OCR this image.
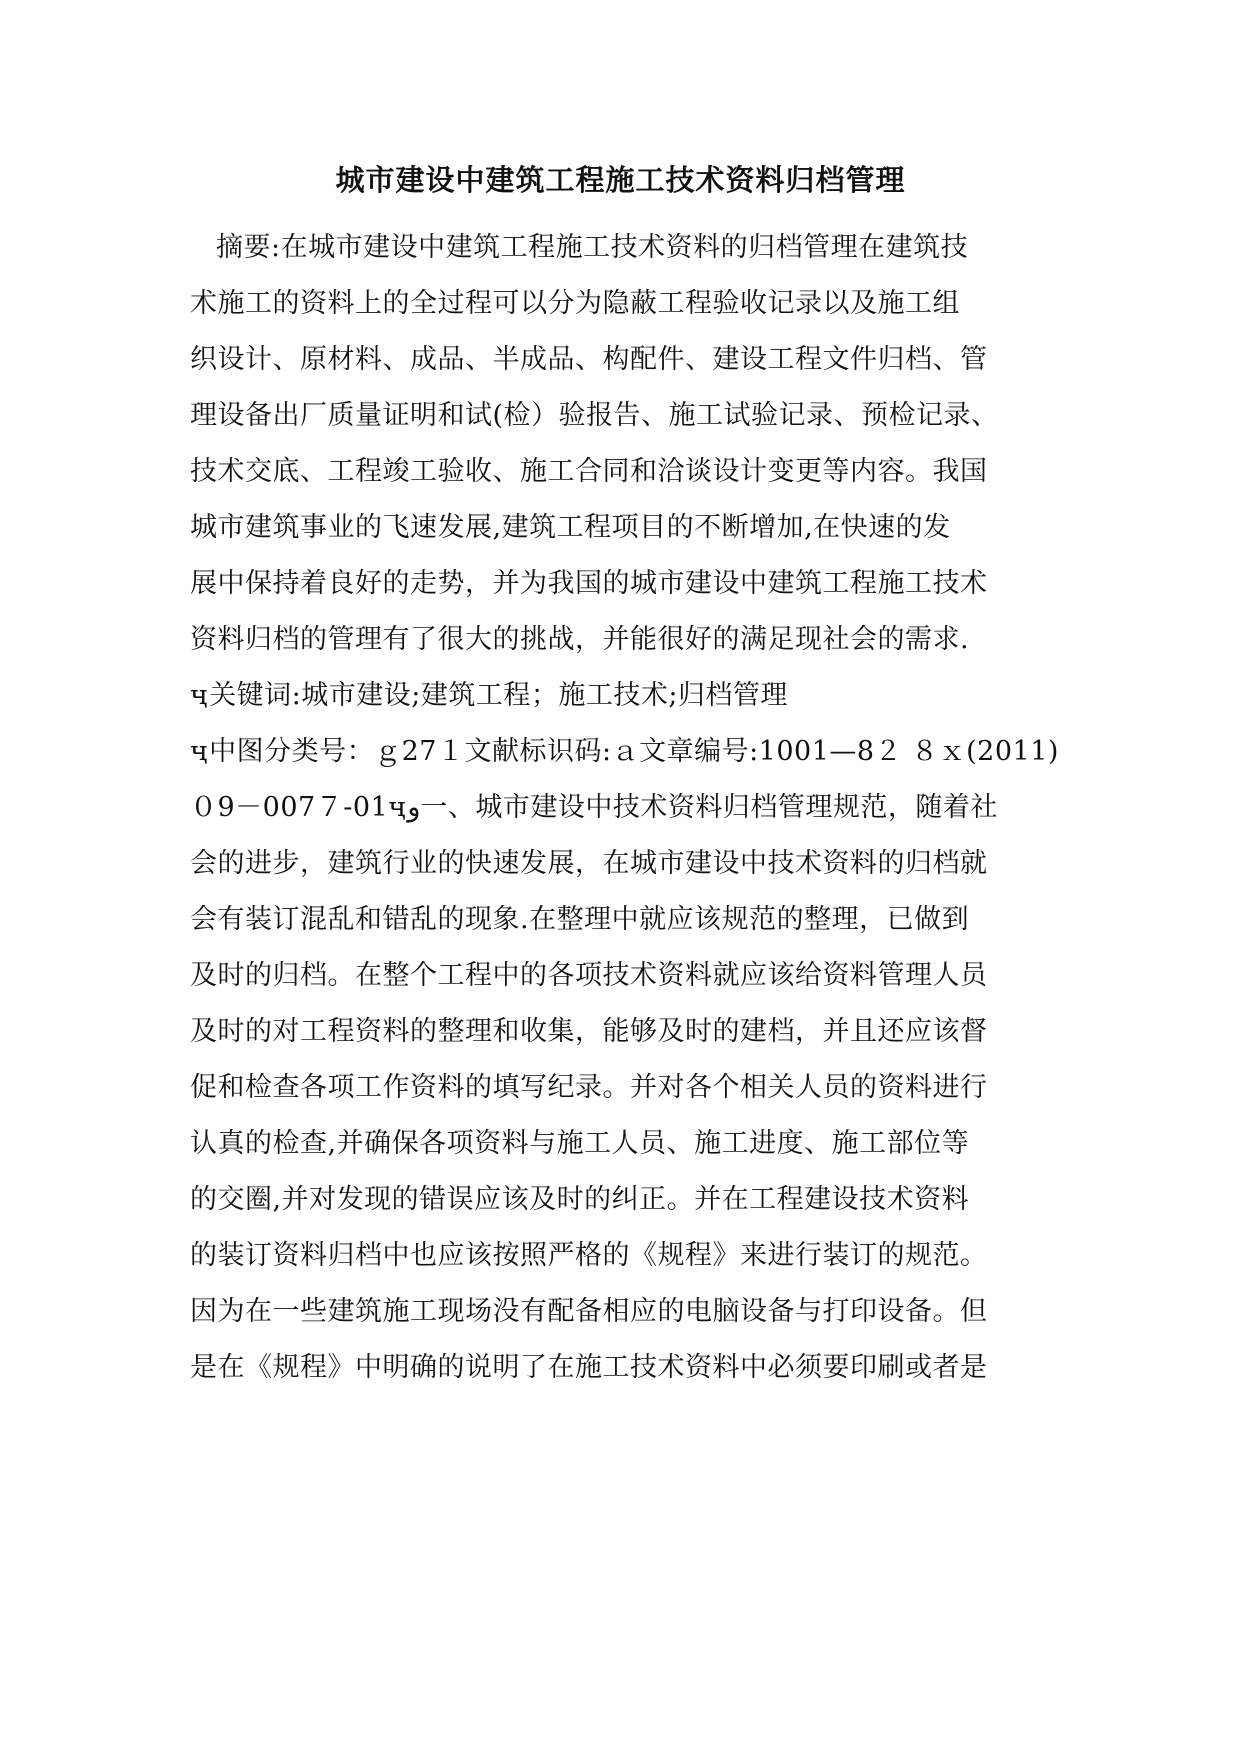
城市建设中建筑工程施工技术资料归档管理
摘要:在城市建设中建筑工程施工技术资料的归档管理在建筑技
术施工的资料上的全过程可以分为隐蔽工程验收记录以及施工组
织设计、原材料、成品、半成品、构配件、建设工程文件归档、管
理设备出厂质量证明和试(检）验报告、施工试验记录、预检记录、
技术交底、工程竣工验收、施工合同和洽谈设计变更等内容。我国
城市建筑事业的飞速发展,建筑工程项目的不断增加,在快速的发
展中保持着良好的走势，并为我国的城市建设中建筑工程施工技术
资料归档的管理有了很大的挑战，并能很好的满足现社会的需求.
ҷ关键词:城市建设;建筑工程；施工技术;归档管理
ҷ中图分类号：ｇ27１文献标识码:ａ文章编号:1001—8２ ８ｘ(2011)
０9－007７-01ҷو一、城市建设中技术资料归档管理规范，随着社
会的进步，建筑行业的快速发展，在城市建设中技术资料的归档就
会有装订混乱和错乱的现象.在整理中就应该规范的整理，已做到
及时的归档。在整个工程中的各项技术资料就应该给资料管理人员
及时的对工程资料的整理和收集，能够及时的建档，并且还应该督
促和检查各项工作资料的填写纪录。并对各个相关人员的资料进行
认真的检查,并确保各项资料与施工人员、施工进度、施工部位等
的交圈,并对发现的错误应该及时的纠正。并在工程建设技术资料
的装订资料归档中也应该按照严格的《规程》来进行装订的规范。
因为在一些建筑施工现场没有配备相应的电脑设备与打印设备。但
是在《规程》中明确的说明了在施工技术资料中必须要印刷或者是
